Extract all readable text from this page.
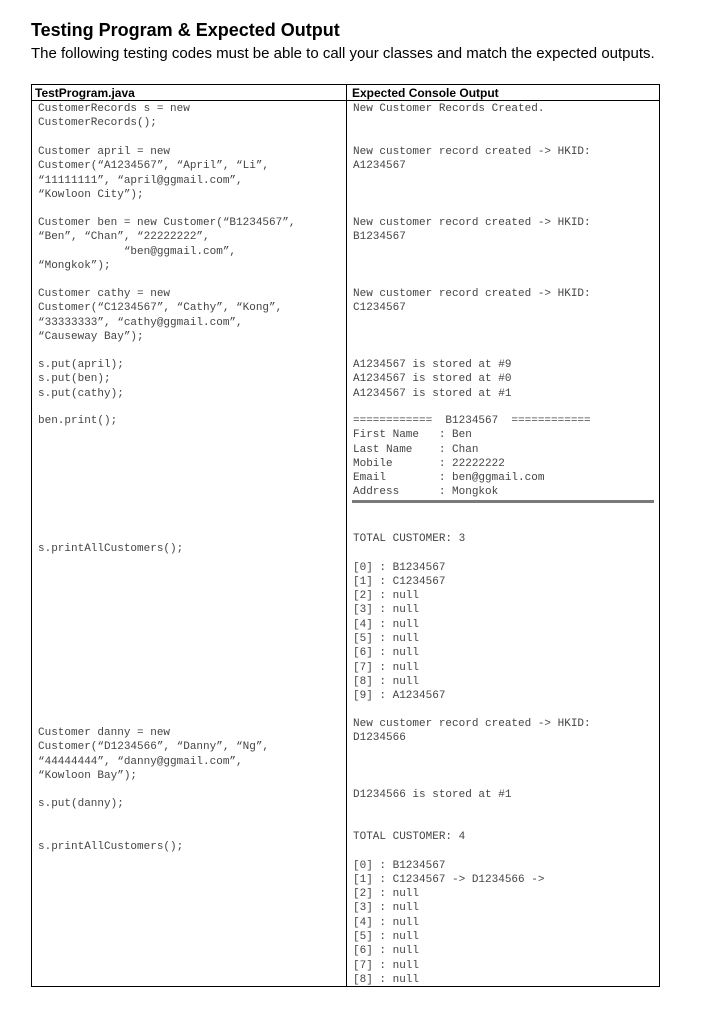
Testing Program & Expected Output
The following testing codes must be able to call your classes and match the expected outputs.
TestProgram.java	Expected Console Output
CustomerRecords s = new
CustomerRecords();
New Customer Records Created.
Customer april = new
Customer(“A1234567”, “April”, “Li”,
“11111111”, “april@ggmail.com”,
“Kowloon City”);
New customer record created -> HKID:
A1234567
Customer ben = new Customer(“B1234567”,
“Ben”, “Chan”, “22222222”,
“ben@ggmail.com”,
“Mongkok”);
New customer record created -> HKID:
B1234567
Customer cathy = new
Customer(“C1234567”, “Cathy”, “Kong”,
“33333333”, “cathy@ggmail.com”,
“Causeway Bay”);
New customer record created -> HKID:
C1234567
s.put(april);
s.put(ben);
s.put(cathy);
A1234567 is stored at #9
A1234567 is stored at #0
A1234567 is stored at #1
ben.print();	============  B1234567  ============
First Name   : Ben
Last Name    : Chan
Mobile       : 22222222
Email        : ben@ggmail.com
Address      : Mongkok
s.printAllCustomers();
TOTAL CUSTOMER: 3

[0] : B1234567
[1] : C1234567
[2] : null
[3] : null
[4] : null
[5] : null
[6] : null
[7] : null
[8] : null
[9] : A1234567
Customer danny = new
Customer(“D1234566”, “Danny”, “Ng”,
“44444444”, “danny@ggmail.com”,
“Kowloon Bay”);
New customer record created -> HKID:
D1234566
s.put(danny);
D1234566 is stored at #1
s.printAllCustomers();
TOTAL CUSTOMER: 4

[0] : B1234567
[1] : C1234567 -> D1234566 ->
[2] : null
[3] : null
[4] : null
[5] : null
[6] : null
[7] : null
[8] : null
